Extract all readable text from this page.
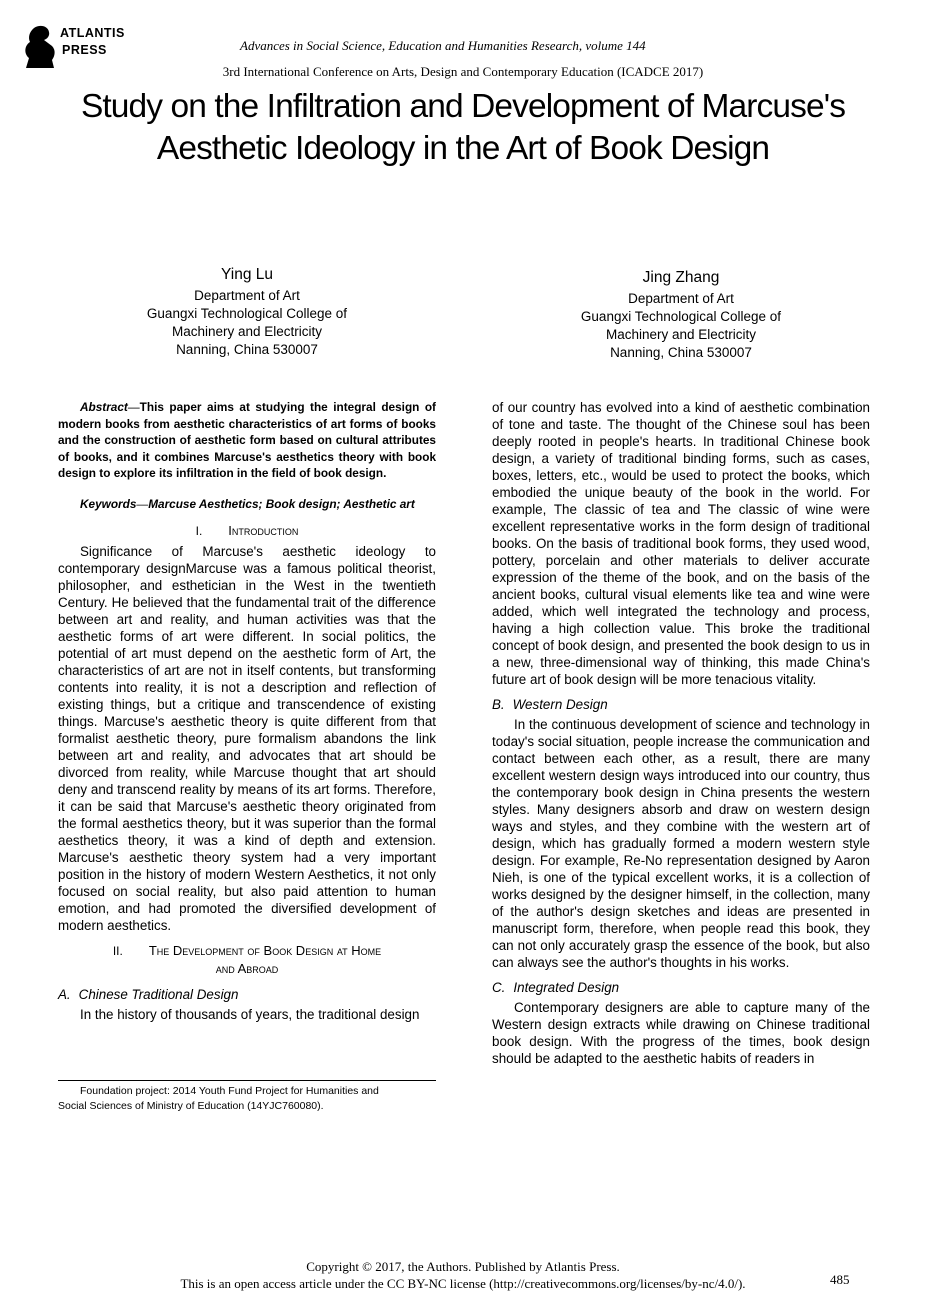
ATLANTIS
PRESS	Advances in Social Science, Education and Humanities Research, volume 144
3rd International Conference on Arts, Design and Contemporary Education (ICADCE 2017)
Study on the Infiltration and Development of Marcuse's Aesthetic Ideology in the Art of Book Design
Ying Lu
Department of Art
Guangxi Technological College of Machinery and Electricity
Nanning, China 530007
Jing Zhang
Department of Art
Guangxi Technological College of Machinery and Electricity
Nanning, China 530007

Abstract—This paper aims at studying the integral design of modern books from aesthetic characteristics of art forms of books and the construction of aesthetic form based on cultural attributes of books, and it combines Marcuse's aesthetics theory with book design to explore its infiltration in the field of book design.

Keywords—Marcuse Aesthetics; Book design; Aesthetic art

I. Introduction

Significance of Marcuse's aesthetic ideology to contemporary designMarcuse was a famous political theorist, philosopher, and esthetician in the West in the twentieth Century. He believed that the fundamental trait of the difference between art and reality, and human activities was that the aesthetic forms of art were different. In social politics, the potential of art must depend on the aesthetic form of Art, the characteristics of art are not in itself contents, but transforming contents into reality, it is not a description and reflection of existing things, but a critique and transcendence of existing things. Marcuse's aesthetic theory is quite different from that formalist aesthetic theory, pure formalism abandons the link between art and reality, and advocates that art should be divorced from reality, while Marcuse thought that art should deny and transcend reality by means of its art forms. Therefore, it can be said that Marcuse's aesthetic theory originated from the formal aesthetics theory, but it was superior than the formal aesthetics theory, it was a kind of depth and extension. Marcuse's aesthetic theory system had a very important position in the history of modern Western Aesthetics, it not only focused on social reality, but also paid attention to human emotion, and had promoted the diversified development of modern aesthetics.

II. The Development of Book Design at Home
and Abroad
A. Chinese Traditional Design

In the history of thousands of years, the traditional design

Foundation project: 2014 Youth Fund Project for Humanities and
Social Sciences of Ministry of Education (14YJC760080).

of our country has evolved into a kind of aesthetic combination of tone and taste. The thought of the Chinese soul has been deeply rooted in people's hearts. In traditional Chinese book design, a variety of traditional binding forms, such as cases, boxes, letters, etc., would be used to protect the books, which embodied the unique beauty of the book in the world. For example, The classic of tea and The classic of wine were excellent representative works in the form design of traditional books. On the basis of traditional book forms, they used wood, pottery, porcelain and other materials to deliver accurate expression of the theme of the book, and on the basis of the ancient books, cultural visual elements like tea and wine were added, which well integrated the technology and process, having a high collection value. This broke the traditional concept of book design, and presented the book design to us in a new, three-dimensional way of thinking, this made China's future art of book design will be more tenacious vitality.

B. Western Design

In the continuous development of science and technology in today's social situation, people increase the communication and contact between each other, as a result, there are many excellent western design ways introduced into our country, thus the contemporary book design in China presents the western styles. Many designers absorb and draw on western design ways and styles, and they combine with the western art of design, which has gradually formed a modern western style design. For example, Re-No representation designed by Aaron Nieh, is one of the typical excellent works, it is a collection of works designed by the designer himself, in the collection, many of the author's design sketches and ideas are presented in manuscript form, therefore, when people read this book, they can not only accurately grasp the essence of the book, but also can always see the author's thoughts in his works.

C. Integrated Design

Contemporary designers are able to capture many of the Western design extracts while drawing on Chinese traditional book design. With the progress of the times, book design should be adapted to the aesthetic habits of readers in

Copyright © 2017, the Authors. Published by Atlantis Press.
This is an open access article under the CC BY-NC license (http://creativecommons.org/licenses/by-nc/4.0/).	485
